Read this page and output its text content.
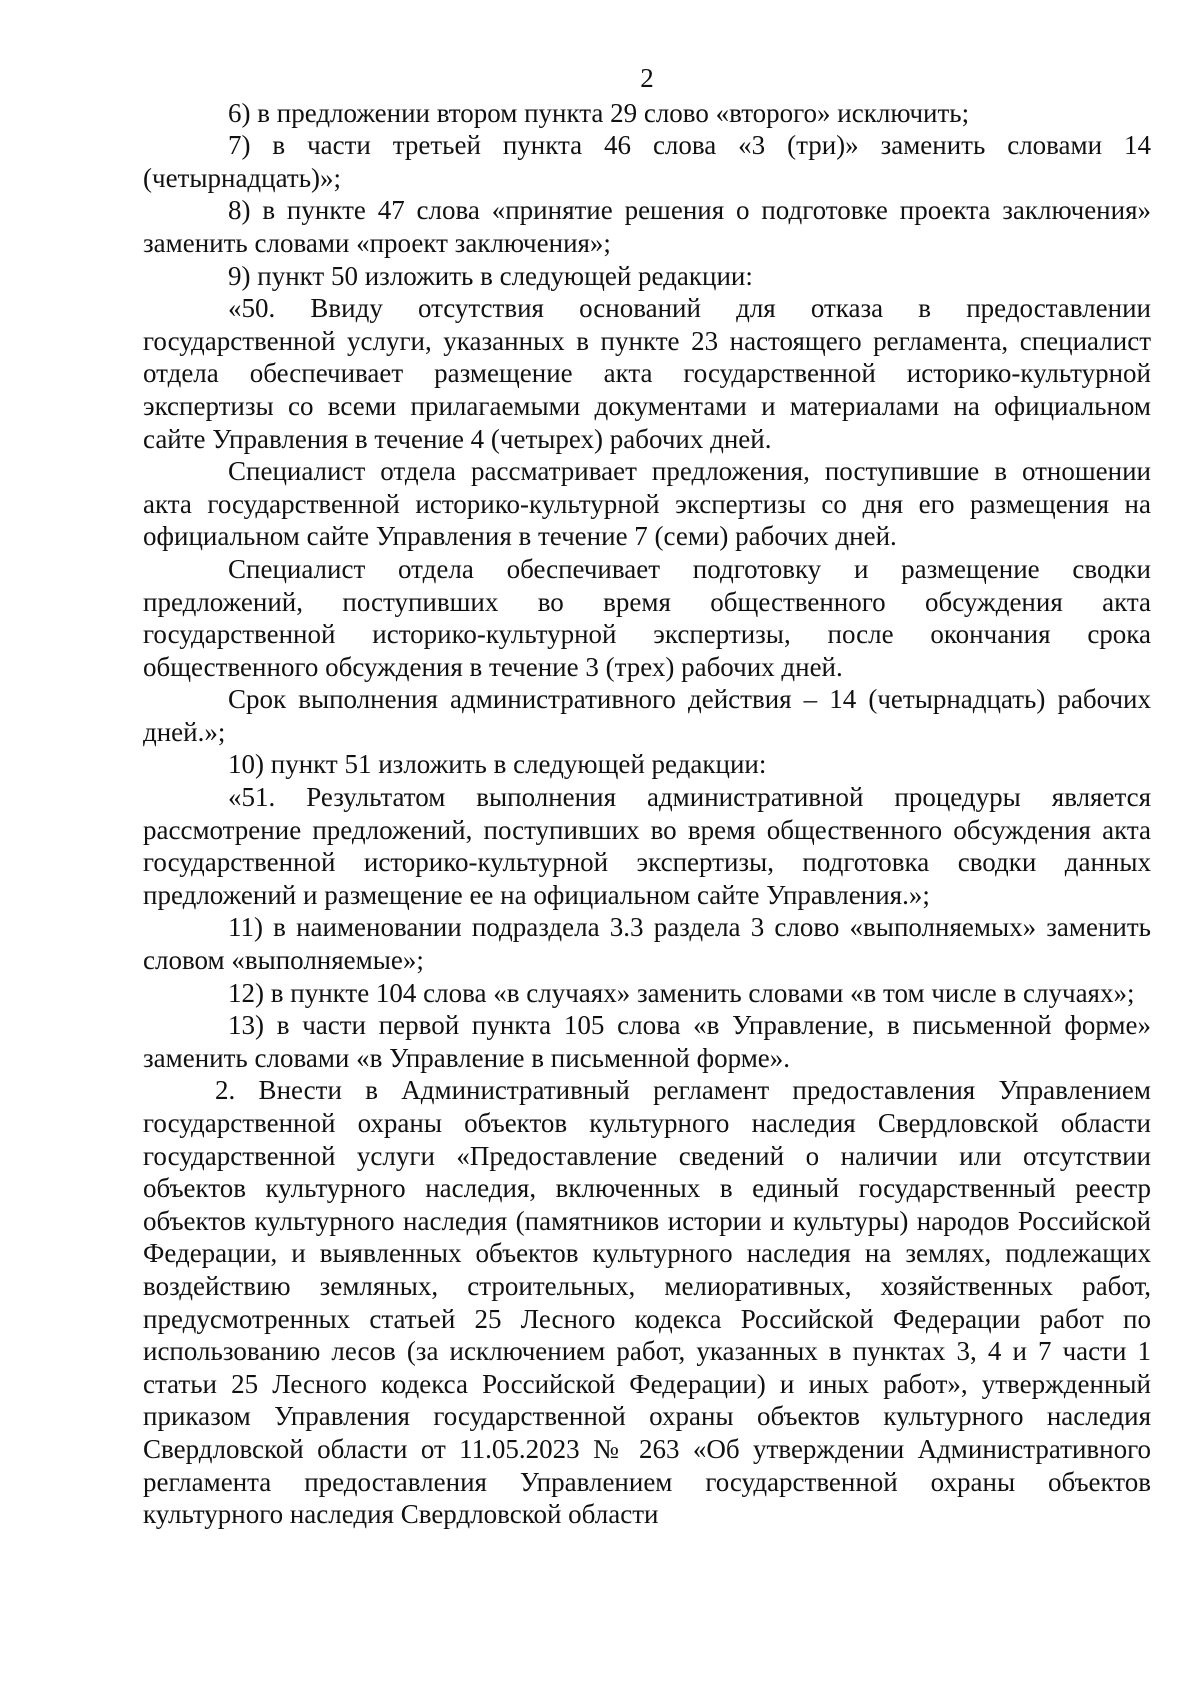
2

6) в предложении втором пункта 29 слово «второго» исключить;

7) в части третьей пункта 46 слова «3 (три)» заменить словами 14 (четырнадцать)»;

8) в пункте 47 слова «принятие решения о подготовке проекта заключения» заменить словами «проект заключения»;

9) пункт 50 изложить в следующей редакции:

«50. Ввиду отсутствия оснований для отказа в предоставлении государственной услуги, указанных в пункте 23 настоящего регламента, специалист отдела обеспечивает размещение акта государственной историко-культурной экспертизы со всеми прилагаемыми документами и материалами на официальном сайте Управления в течение 4 (четырех) рабочих дней.

Специалист отдела рассматривает предложения, поступившие в отношении акта государственной историко-культурной экспертизы со дня его размещения на официальном сайте Управления в течение 7 (семи) рабочих дней.

Специалист отдела обеспечивает подготовку и размещение сводки предложений, поступивших во время общественного обсуждения акта государственной историко-культурной экспертизы, после окончания срока общественного обсуждения в течение 3 (трех) рабочих дней.

Срок выполнения административного действия – 14 (четырнадцать) рабочих дней.»;

10) пункт 51 изложить в следующей редакции:

«51. Результатом выполнения административной процедуры является рассмотрение предложений, поступивших во время общественного обсуждения акта государственной историко-культурной экспертизы, подготовка сводки данных предложений и размещение ее на официальном сайте Управления.»;

11) в наименовании подраздела 3.3 раздела 3 слово «выполняемых» заменить словом «выполняемые»;

12) в пункте 104 слова «в случаях» заменить словами «в том числе в случаях»;

13) в части первой пункта 105 слова «в Управление, в письменной форме» заменить словами «в Управление в письменной форме».

2. Внести в Административный регламент предоставления Управлением государственной охраны объектов культурного наследия Свердловской области государственной услуги «Предоставление сведений о наличии или отсутствии объектов культурного наследия, включенных в единый государственный реестр объектов культурного наследия (памятников истории и культуры) народов Российской Федерации, и выявленных объектов культурного наследия на землях, подлежащих воздействию земляных, строительных, мелиоративных, хозяйственных работ, предусмотренных статьей 25 Лесного кодекса Российской Федерации работ по использованию лесов (за исключением работ, указанных в пунктах 3, 4 и 7 части 1 статьи 25 Лесного кодекса Российской Федерации) и иных работ», утвержденный приказом Управления государственной охраны объектов культурного наследия Свердловской области от 11.05.2023 № 263 «Об утверждении Административного регламента предоставления Управлением государственной охраны объектов культурного наследия Свердловской области
